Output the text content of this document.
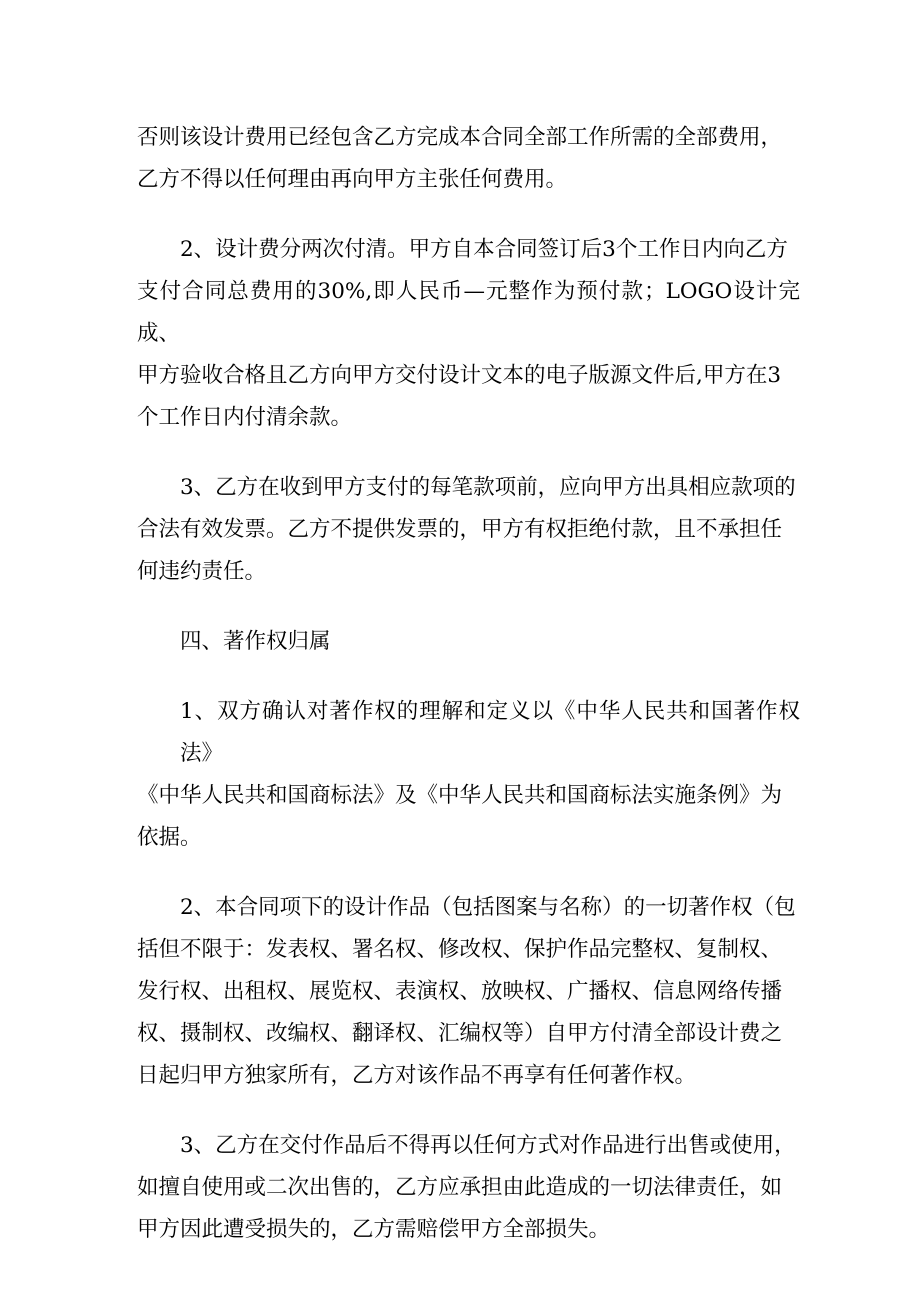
否则该设计费用已经包含乙方完成本合同全部工作所需的全部费用，
乙方不得以任何理由再向甲方主张任何费用。

2、设计费分两次付清。甲方自本合同签订后3个工作日内向乙方
支付合同总费用的30%,即人民币—元整作为预付款；LOGO设计完成、
甲方验收合格且乙方向甲方交付设计文本的电子版源文件后,甲方在3
个工作日内付清余款。

3、乙方在收到甲方支付的每笔款项前，应向甲方出具相应款项的
合法有效发票。乙方不提供发票的，甲方有权拒绝付款，且不承担任
何违约责任。

四、著作权归属

1、双方确认对著作权的理解和定义以《中华人民共和国著作权法》
《中华人民共和国商标法》及《中华人民共和国商标法实施条例》为
依据。

2、本合同项下的设计作品（包括图案与名称）的一切著作权（包
括但不限于：发表权、署名权、修改权、保护作品完整权、复制权、
发行权、出租权、展览权、表演权、放映权、广播权、信息网络传播
权、摄制权、改编权、翻译权、汇编权等）自甲方付清全部设计费之
日起归甲方独家所有，乙方对该作品不再享有任何著作权。

3、乙方在交付作品后不得再以任何方式对作品进行出售或使用，
如擅自使用或二次出售的，乙方应承担由此造成的一切法律责任，如
甲方因此遭受损失的，乙方需赔偿甲方全部损失。
